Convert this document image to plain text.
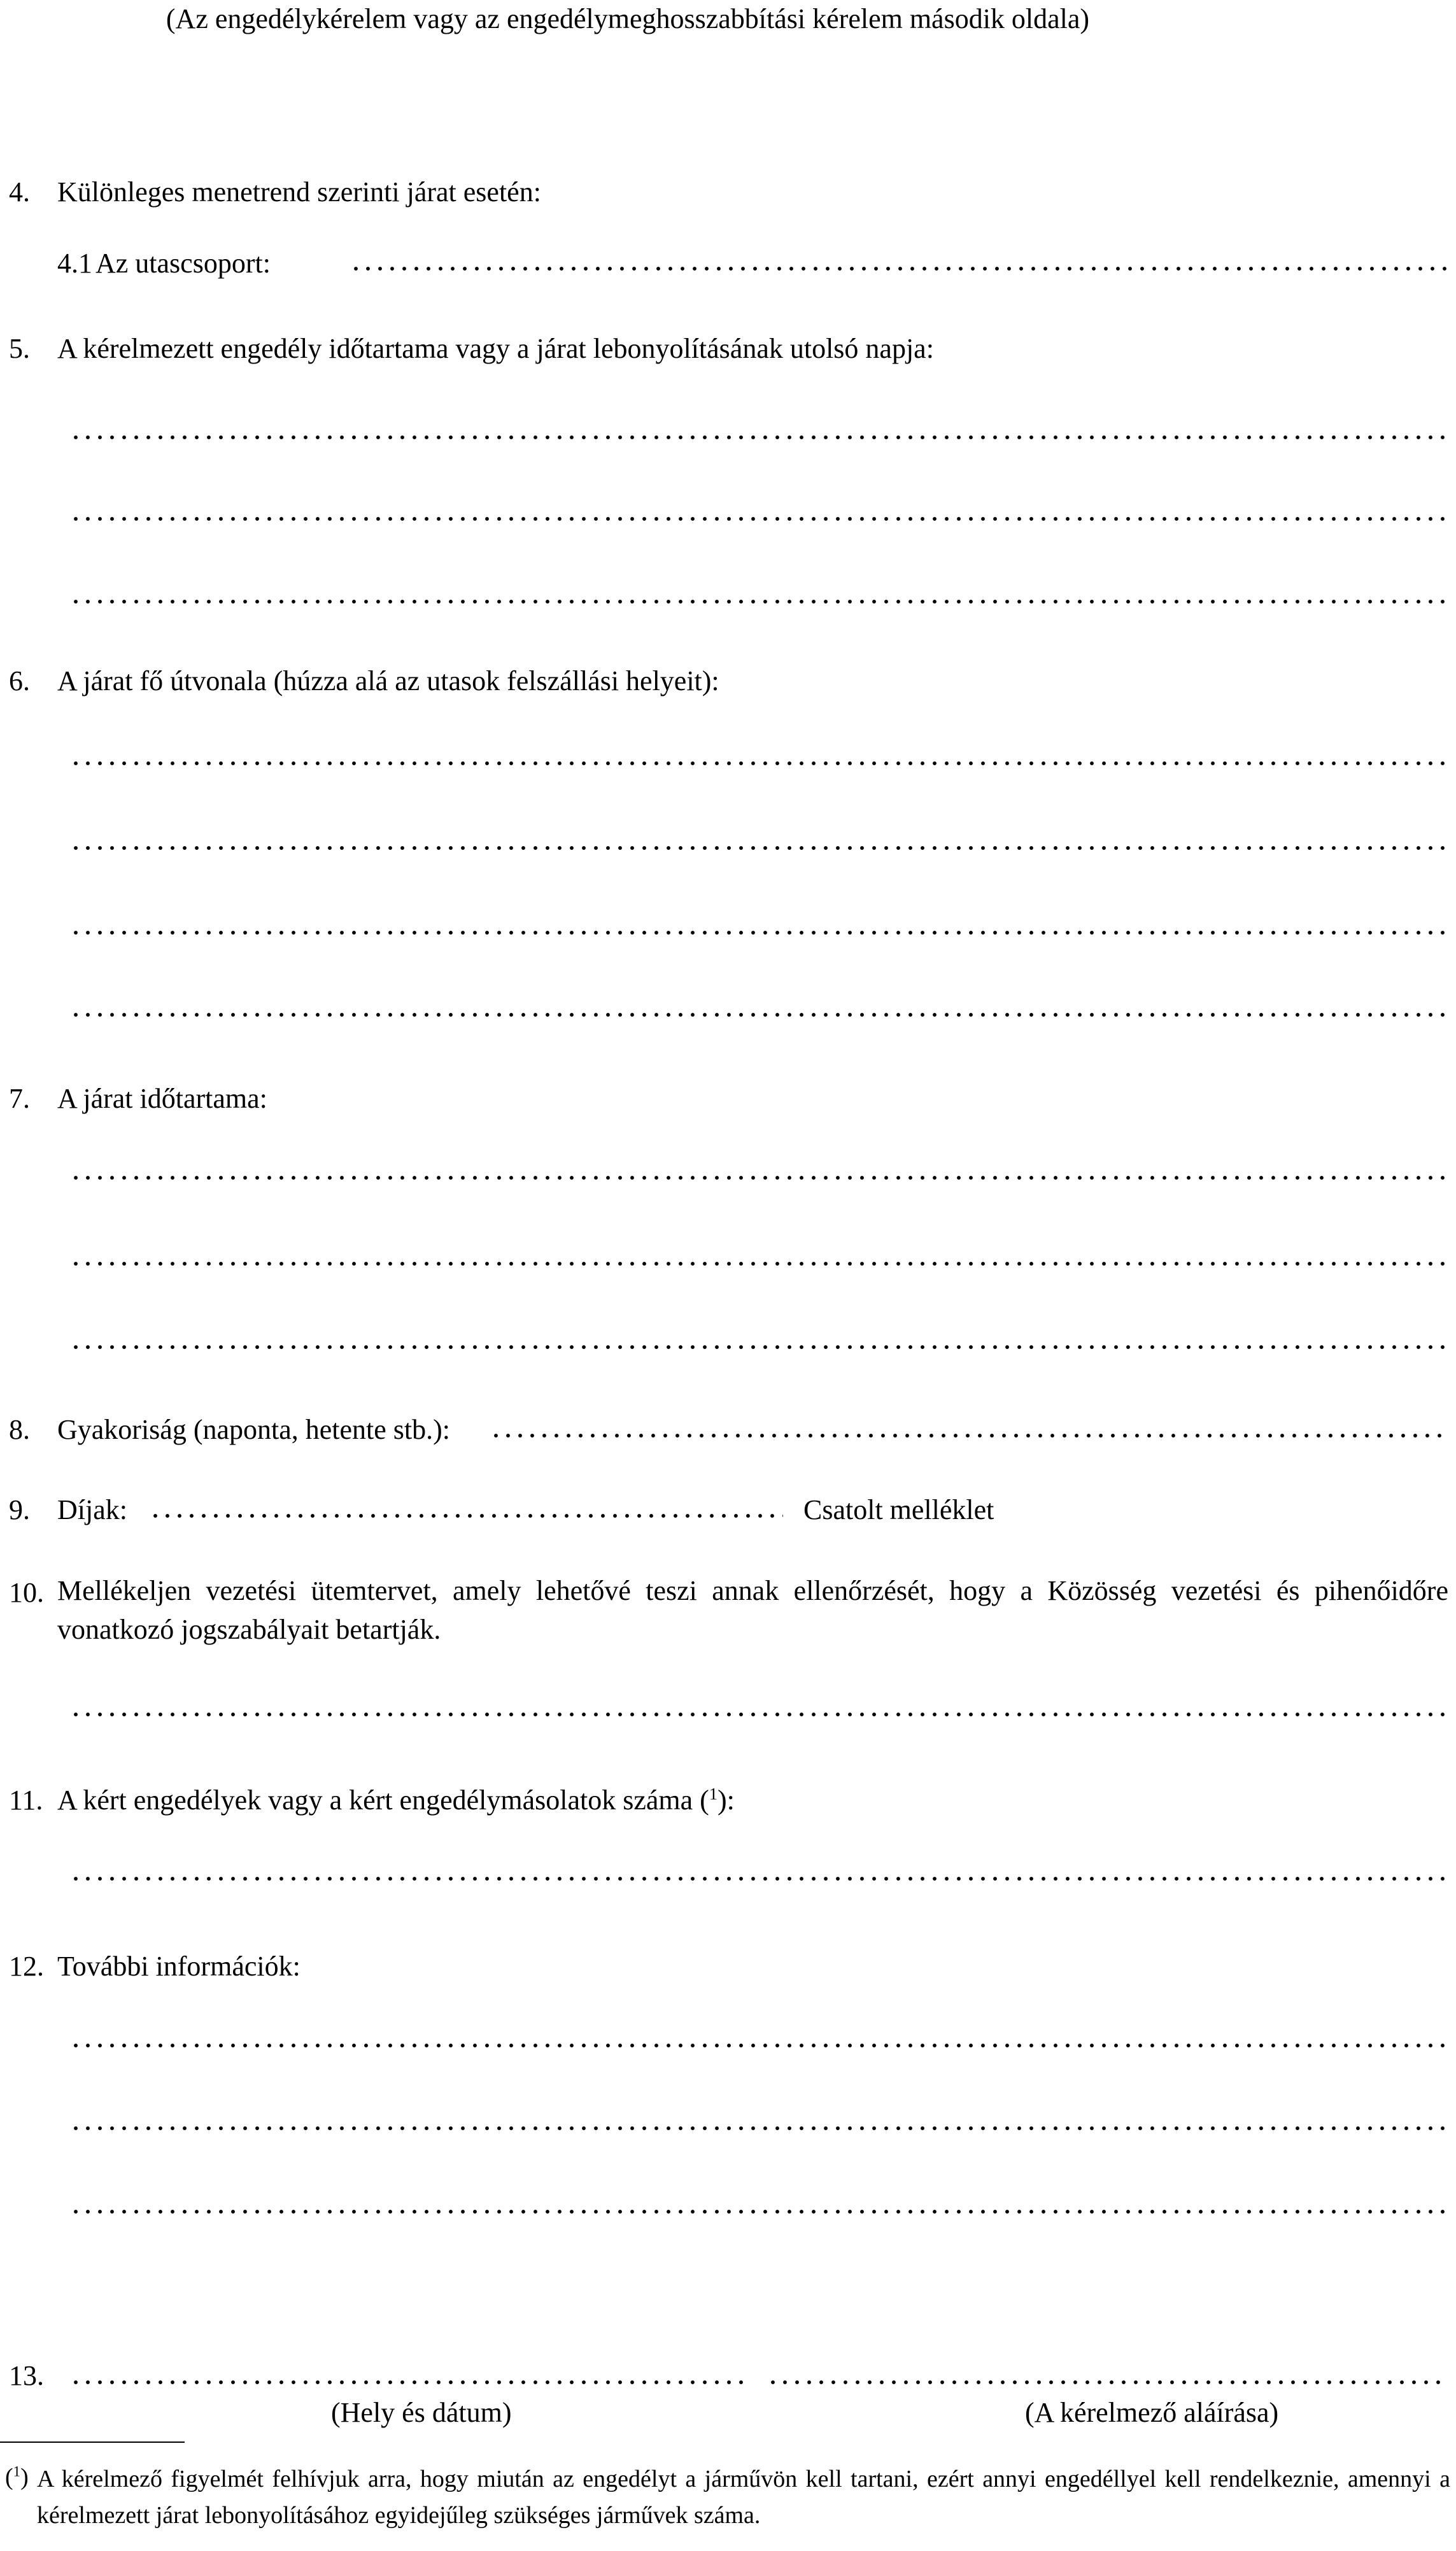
(Az engedélykérelem vagy az engedélymeghosszabbítási kérelem második oldala)
4. Különleges menetrend szerinti járat esetén:
4.1 Az utascsoport:
5. A kérelmezett engedély időtartama vagy a járat lebonyolításának utolsó napja:
6. A járat fő útvonala (húzza alá az utasok felszállási helyeit):
7. A járat időtartama:
8. Gyakoriság (naponta, hetente stb.):
9. Díjak:	Csatolt melléklet
10. Mellékeljen vezetési ütemtervet, amely lehetővé teszi annak ellenőrzését, hogy a Közösség vezetési és pihenőidőre vonatkozó jogszabályait betartják.
11. A kért engedélyek vagy a kért engedélymásolatok száma ($^1$):
12. További információk:
13.
(Hely és dátum)	(A kérelmező aláírása)
($^1$) A kérelmező figyelmét felhívjuk arra, hogy miután az engedélyt a járművön kell tartani, ezért annyi engedéllyel kell rendelkeznie, amennyi a kérelmezett járat lebonyolításához egyidejűleg szükséges járművek száma.
